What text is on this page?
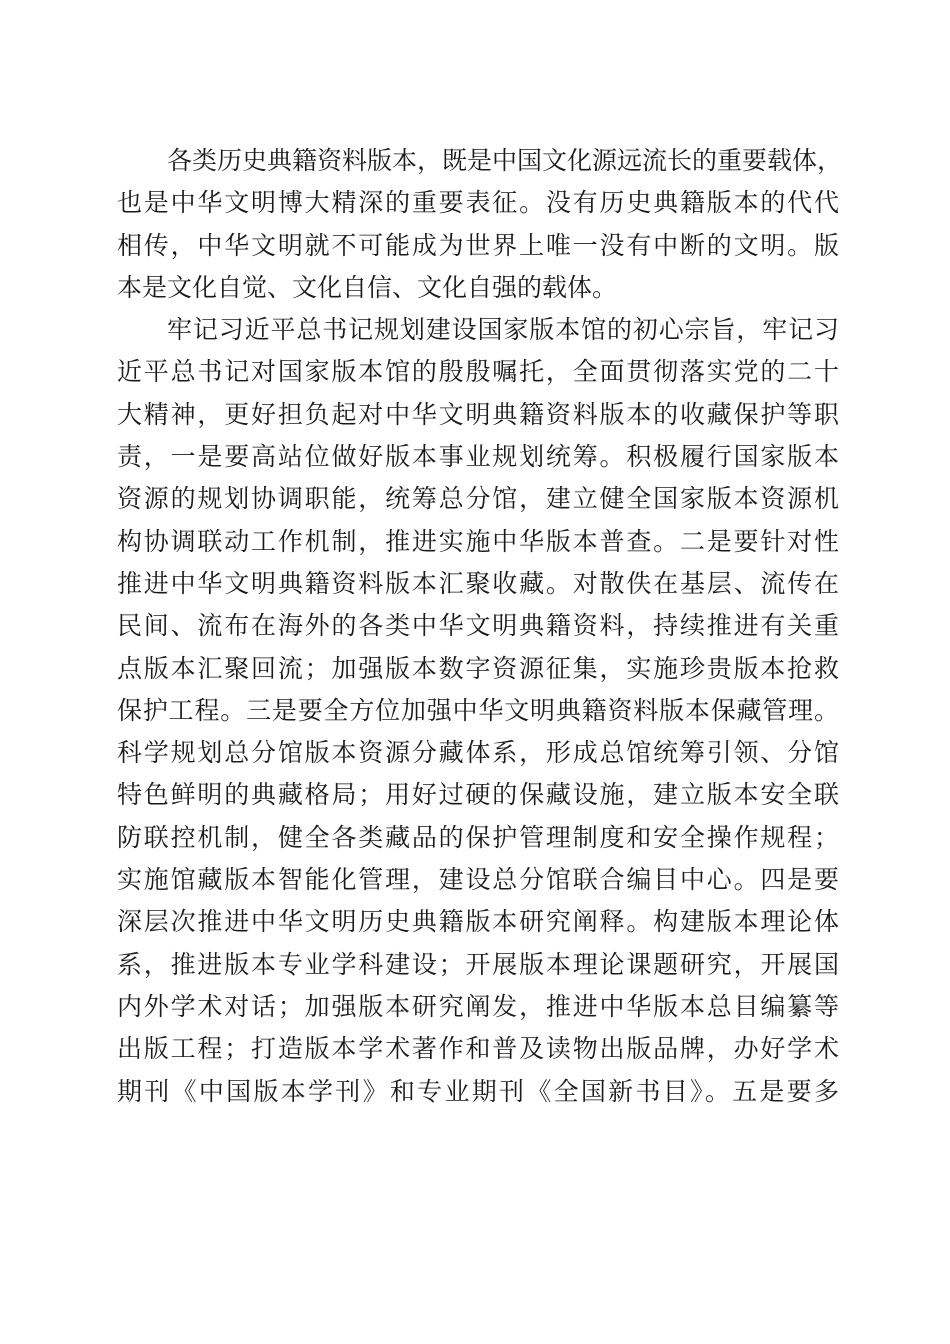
各类历史典籍资料版本，既是中国文化源远流长的重要载体，
也是中华文明博大精深的重要表征。没有历史典籍版本的代代
相传，中华文明就不可能成为世界上唯一没有中断的文明。版
本是文化自觉、文化自信、文化自强的载体。
牢记习近平总书记规划建设国家版本馆的初心宗旨，牢记习
近平总书记对国家版本馆的殷殷嘱托，全面贯彻落实党的二十
大精神，更好担负起对中华文明典籍资料版本的收藏保护等职
责，一是要高站位做好版本事业规划统筹。积极履行国家版本
资源的规划协调职能，统筹总分馆，建立健全国家版本资源机
构协调联动工作机制，推进实施中华版本普查。二是要针对性
推进中华文明典籍资料版本汇聚收藏。对散佚在基层、流传在
民间、流布在海外的各类中华文明典籍资料，持续推进有关重
点版本汇聚回流；加强版本数字资源征集，实施珍贵版本抢救
保护工程。三是要全方位加强中华文明典籍资料版本保藏管理。
科学规划总分馆版本资源分藏体系，形成总馆统筹引领、分馆
特色鲜明的典藏格局；用好过硬的保藏设施，建立版本安全联
防联控机制，健全各类藏品的保护管理制度和安全操作规程；
实施馆藏版本智能化管理，建设总分馆联合编目中心。四是要
深层次推进中华文明历史典籍版本研究阐释。构建版本理论体
系，推进版本专业学科建设；开展版本理论课题研究，开展国
内外学术对话；加强版本研究阐发，推进中华版本总目编纂等
出版工程；打造版本学术著作和普及读物出版品牌，办好学术
期刊《中国版本学刊》和专业期刊《全国新书目》。五是要多
